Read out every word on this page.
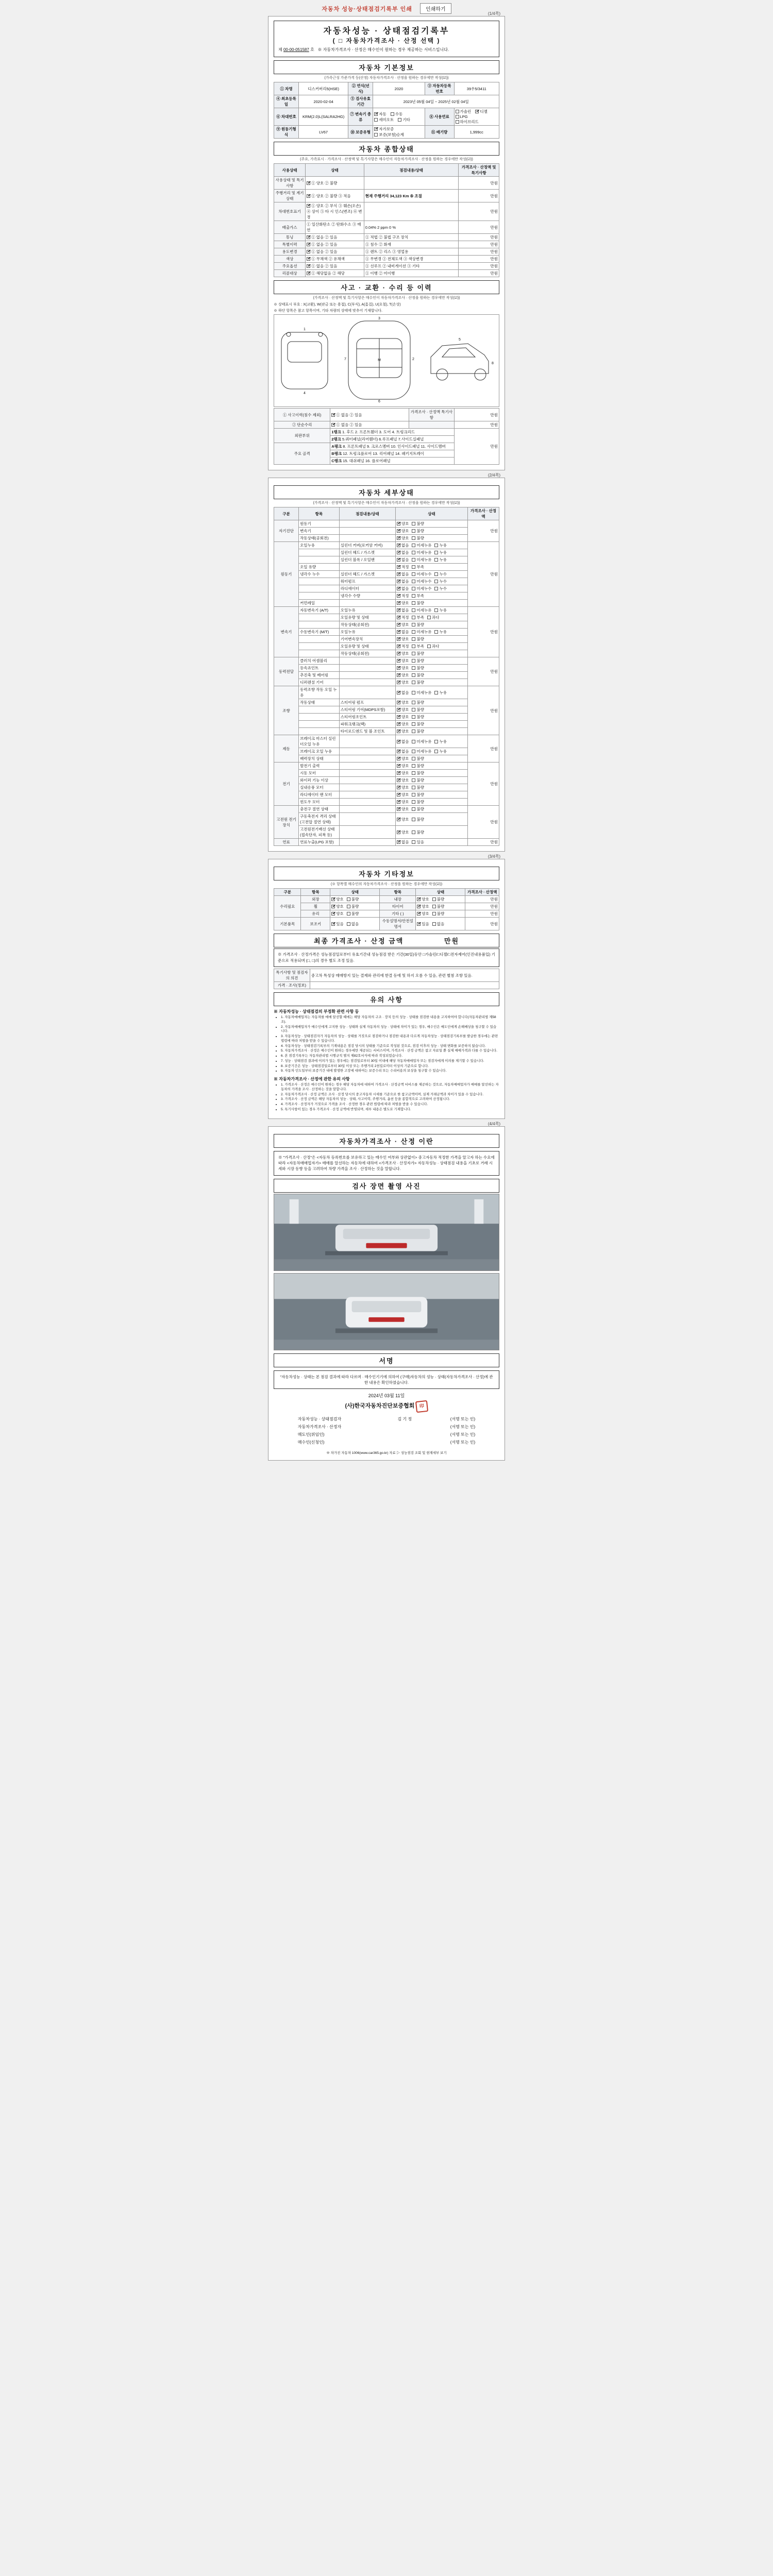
자동차 성능·상태점검기록부 인쇄	인쇄하기
(1/4쪽)
자동차성능 · 상태점검기록부
( □ 자동차가격조사 · 산정 선택 )
제 00-00-051587 호 ※ 자동차가격조사 · 산정은 매수인이 원하는 경우 제공하는 서비스입니다.
자동차 기본정보
(가족근성 가준가격 등(산정) 자동차가격조사 · 산정을 원하는 경우에만 작성(☑))
① 차명	디스커버리5(HSE)	② 연식(년식)	2020	③ 자동차등록번호	39우5/3411
④ 최초등록일	2020-02-04	⑤ 검사유효기간	2023년 05월 04일 ~ 2025년 02월 04일		
⑥ 차대번호	KRM(2.0)L(SALRA2HG)	⑦ 변속기 종류	✔자동 수동 세미오토 기타	⑧ 사용연료	가솔린 ✔ 디젤 LPG 하이브리드
⑨ 원동기형식	LV67	⑩ 보증유형	✔자가보증 보증(보험)승계	⑪ 배기량	1,999cc
자동차 종합상태
(주요, 가족표시 · 가격조사 · 산정액 및 특기사항은 매수인이 자동차가격조사 · 산정을 원하는 경우에만 작성(☑))
사용상태	상태	점검내용/상태	가격조사 · 산정액 및 특기사항
사용상태 및 특기사항	✔① 양호 ② 불량		만원
주행거리 및 계기상태	✔① 양호 ② 불량 ③ 적음	현재 주행거리 34,123 Km ⑤ 조절	만원
차대번호표기	✔① 양호 ② 부식 ③ 훼손(오손) ④ 상이 ⑤ 타 시 인스(변조) ⑥ 변경		만원
배출가스	① 일산화탄소 ② 탄화수소 ③ 매연	0.04% 2 ppm 0 %	만원
튜닝	✔① 없음 ② 있음	① 적법 ② 불법 구조 장치	만원
특별이력	✔① 없음 ② 있음	① 침수 ② 화재	만원
용도변경	✔① 없음 ② 있음	① 렌트 ② 리스 ③ 영업용	만원
색상	✔① 무채색 ② 유채색	① 무변경 ② 전체도색 ③ 색상변경	만원
주요옵션	✔① 없음 ② 있음	① 선루프 ② 내비게이션 ③ 기타	만원
리콜대상	✔① 해당없음 ② 해당	① 이행 ② 미이행	만원
사고 · 교환 · 수리 등 이력
(가격조사 · 산정액 및 특기사항은 매수인이 자동차가격조사 · 산정을 원하는 경우에만 작성(☑))
※ 상태표시 부호 : X(교환), W(판금 또는 용접), C(부식), A(흠집), U(요철), T(손상)
※ 하단 항목은 참고 항목이며, 기타 차량의 상태에 맞추어 기재합니다.
1
4
3
6
7	2
5
8
M
① 사고이력(침수 제외)	✔① 없음 ② 있음	가격조사 · 산정액 특기사항	만원
② 단순수리	✔① 없음 ② 있음		만원
외판부위	1랭크 1. 후드 2. 프론트휀더 3. 도어 4. 트렁크리드		만원
	2랭크 5.쿼터패널(리어휀더) 6.루프패널 7.사이드실패널		
주요 골격	A랭크 8. 프론트패널 9. 크로스멤버 10. 인사이드패널 11. 사이드멤버		
	B랭크 12. 트렁크플로어 13. 리어패널 14. 패키지트레이		
	C랭크 15. 대쉬패널 16. 플로어패널		
(2/4쪽)
자동차 세부상태
(가격조사 · 산정액 및 특기사항은 매수인이 자동차가격조사 · 산정을 원하는 경우에만 작성(☑))
구분	항목	점검내용/상태	상태	가격조사 · 산정액
자기진단	원동기		✔양호 불량	만원
	변속기		✔양호 불량
	작동상태(공회전)		✔양호 불량
원동기	오일누유	실린더 커버(로커암 커버)	✔없음 미세누유 누유	만원
		실린더 헤드 / 가스켓	✔없음 미세누유 누유
		실린더 블록 / 오일팬	✔없음 미세누유 누유
	오일 유량		✔적정 부족
	냉각수 누수	실린더 헤드 / 가스켓	✔없음 미세누수 누수
		워터펌프	✔없음 미세누수 누수
		라디에이터	✔없음 미세누수 누수
		냉각수 수량	✔적정 부족
	커먼레일		✔양호 불량
변속기	자동변속기 (A/T)	오일누유	✔없음 미세누유 누유	만원
		오일유량 및 상태	✔적정 부족 과다
		작동상태(공회전)	✔양호 불량
	수동변속기 (M/T)	오일누유	✔없음 미세누유 누유
		기어변속장치	✔양호 불량
		오일유량 및 상태	✔적정 부족 과다
		작동상태(공회전)	✔양호 불량
동력전달	클러치 어셈블리		✔양호 불량	만원
	등속죠인트		✔양호 불량
	추진축 및 베어링		✔양호 불량
	디퍼렌셜 기어		✔양호 불량
조향	동력조향 작동 오일 누유		✔없음 미세누유 누유	만원
	작동상태	스티어링 펌프	✔양호 불량
		스티어링 기어(MDPS포함)	✔양호 불량
		스티어링조인트	✔양호 불량
		파워크랭크(랙)	✔양호 불량
		타이로드엔드 및 볼 조인트	✔양호 불량
제동	브레이크 마스터 실린더오일 누유		✔없음 미세누유 누유	만원
	브레이크 오일 누유		✔없음 미세누유 누유
	배력장치 상태		✔양호 불량
전기	발전기 출력		✔양호 불량	만원
	시동 모터		✔양호 불량
	와이퍼 기능 이상		✔양호 불량
	실내송풍 모터		✔양호 불량
	라디에이터 팬 모터		✔양호 불량
	윈도우 모터		✔양호 불량
고전원 전기장치	충전구 절연 상태		✔양호 불량	만원
	구동축전지 격리 상태(고전압 절연 상태)		✔양호 불량
	고전원전기배선 상태(접속단자, 피복 등)		✔양호 불량
연료	연료누출(LPG 포함)		✔없음 있음	만원
(3/4쪽)
자동차 기타정보
(※ 항목별 매수인의 자동차가격조사 · 산정을 원하는 경우에만 작성(☑))
구분	항목	상태	항목	상태	가격조사 · 산정액
수리필요	외장	✔양호 불량	내장	✔양호 불량	만원
	휠	✔양호 불량	타이어	✔양호 불량	만원
	유리	✔양호 불량	기타 ( )	✔양호 불량	만원
기본품목	보조키	✔있음 없음	수동설명서/안전설명서	✔있음 없음	만원
최종 가격조사 · 산정 금액	만원
※ 가격조사 · 산정가격은 성능점검일로부터 유효기간내 성능점검 받은 기간(30일)동안 □가솔린/□디젤/□전자제어(인진내용품입) 기준으로 적용되며 (□, □)의 경우 별도 조정 있음.
특기사항 및 점검자의 의견	중고차 특성상 매매방지 있는 결제와 관리에 한결 등에 및 하지 오름 수 있음, 관련 별첨 조항 있음.
가격 · 조사(정보)	
유의 사항
※ 자동차성능 · 상태점검의 부정확 관련 사항 등
• 1. 자동차매매업자는 자동차를 매매 알선할 때에는 해당 자동차의 구조 · 장치 등의 성능 · 상태를 점검한 내용을 고지하여야 합니다(자동차관리법 제58조).
• 2. 자동차매매업자가 매수인에게 고지한 성능 · 상태와 실제 자동차의 성능 · 상태에 차이가 있는 경우, 매수인은 매도인에게 손해배상을 청구할 수 있습니다.
• 3. 자동차성능 · 상태점검자가 자동차의 성능 · 상태를 거짓으로 점검하거나 점검한 내용과 다르게 자동차성능 · 상태점검기록부를 발급한 경우에는 관련 법령에 따라 처벌을 받을 수 있습니다.
• 4. 자동차성능 · 상태점검기록부의 기재내용은 점검 당시의 상태를 기준으로 작성된 것으로, 점검 이후의 성능 · 상태 변화를 보증하지 않습니다.
• 5. 자동차가격조사 · 산정은 매수인이 원하는 경우에만 제공되는 서비스이며, 가격조사 · 산정 금액은 참고 자료일 뿐 실제 매매가격과 다를 수 있습니다.
• 6. 본 점검기록부는 자동차관리법 시행규칙 별지 제82호서식에 따라 작성되었습니다.
• 7. 성능 · 상태점검 결과에 이의가 있는 경우에는 점검일로부터 30일 이내에 해당 자동차매매업자 또는 점검자에게 이의를 제기할 수 있습니다.
• 8. 보증기간은 성능 · 상태점검일로부터 30일 이상 또는 주행거리 2천킬로미터 이상의 기준으로 합니다.
• 9. 자동차 인도일부터 보증기간 내에 발생한 고장에 대하여는 보증수리 또는 수리비용의 보상을 청구할 수 있습니다.
※ 자동차가격조사 · 산정에 관한 유의 사항
• 1. 가격조사 · 산정은 매수인이 원하는 경우 해당 자동차에 대하여 가격조사 · 산정금액 서비스를 제공하는 것으로, 자동차매매업자가 매매를 알선하는 자동차의 가격을 조사 · 산정하는 것을 말합니다.
• 2. 자동차가격조사 · 산정 금액은 조사 · 산정 당시의 중고자동차 시세를 기준으로 한 참고금액이며, 실제 거래금액과 차이가 있을 수 있습니다.
• 3. 가격조사 · 산정 금액은 해당 자동차의 성능 · 상태, 사고이력, 주행거리, 옵션 등을 종합적으로 고려하여 산정됩니다.
• 4. 가격조사 · 산정자가 거짓으로 가격을 조사 · 산정한 경우 관련 법령에 따라 처벌을 받을 수 있습니다.
• 5. 특기사항이 있는 경우 가격조사 · 산정 금액에 반영되며, 세부 내용은 별도로 기재합니다.
(4/4쪽)
자동차가격조사 · 산정 이란
※ "가격조사 · 산정"은 <자동차 등록번호를 보유하고 있는 매수인 여부와 상관없이> 중고자동차 적정한 가격을 알고자 하는 수요에 따라 <자동차매매업자가> 매매를 알선하는 자동차에 대하여 <가격조사 · 산정자가> 자동차성능 · 상태점검 내용을 기초로 거래 시세와 시장 동향 등을 고려하여 차량 가격을 조사 · 산정하는 것을 말합니다.
검사 장면 촬영 사진
서명
"자동차성능 · 상태는 본 점검 결과에 따라 다르며 · 매수인기기에 의하여 (구매)자동차의 성능 · 상태(자동차가격조사 · 산정)에 관한 내용은 확인하였습니다.
2024년 03월 11일
(사)한국자동차진단보증협회 印
자동차성능 · 상태점검자	김 기 정	(서명 또는 인)
자동차가격조사 · 산정자		(서명 또는 인)
매도인(위임인)		(서명 또는 인)
매수인(신청인)		(서명 또는 인)
※ 차가진 자동차 1006(www.car365.go.kr) 자료 ▷ 성능점검 조회 및 현재세부 보기
